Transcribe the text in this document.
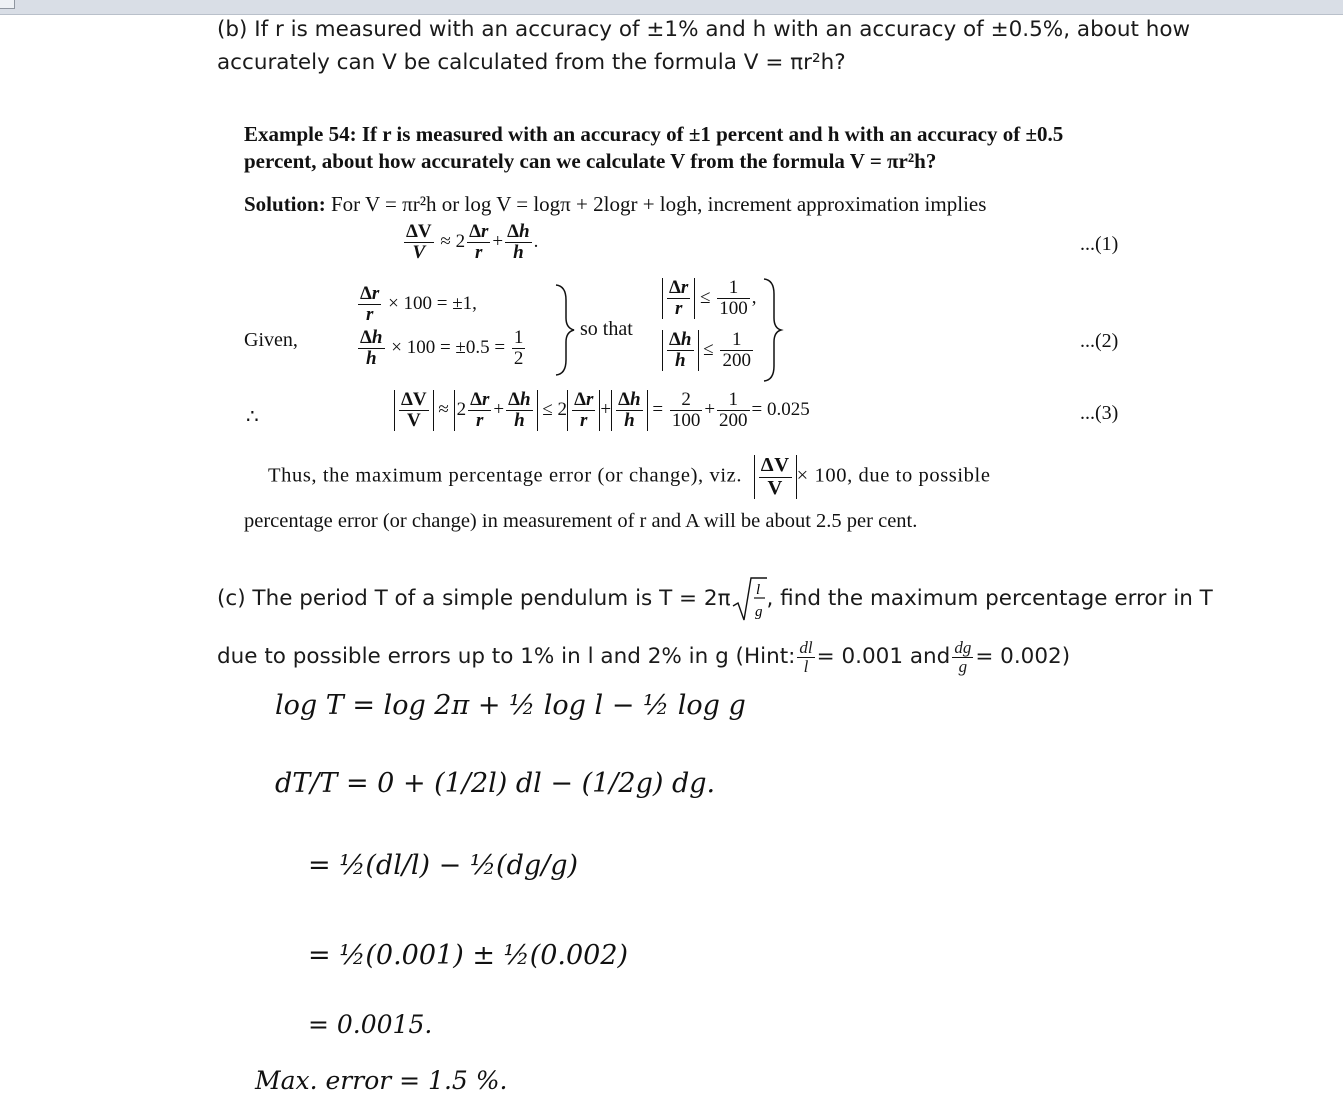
(b) If r is measured with an accuracy of ±1% and h with an accuracy of ±0.5%, about how
accurately can V be calculated from the formula V = πr²h?
Example 54: If r is measured with an accuracy of ±1 percent and h with an accuracy of ±0.5
percent, about how accurately can we calculate V from the formula V = πr²h?
Solution: For V = πr²h or log V = logπ + 2logr + logh, increment approximation implies
$\frac{\Delta V}{V} \approx 2 \frac{\Delta r}{r} + \frac{\Delta h}{h}$ .	...(1)
Given,
$\frac{\Delta r}{r} \times 100 = \pm 1$,
$\frac{\Delta h}{h} \times 100 = \pm 0.5 = \frac{1}{2}$	so that
$\frac{\Delta r}{r} \le \frac{1}{100}$ ,
$\frac{\Delta h}{h} \le \frac{1}{200}$	...(2)
∴	$\frac{\Delta V}{V} \approx 2 \frac{\Delta r}{r} + \frac{\Delta h}{h} \le 2 \frac{\Delta r}{r} + \frac{\Delta h}{h} = \frac{2}{100} + \frac{1}{200} = 0.025$	...(3)
Thus, the maximum percentage error (or change), viz. $\frac{\Delta V}{V} \times 100$, due to possible
percentage error (or change) in measurement of r and A will be about 2.5 per cent.
(c) The period T of a simple pendulum is T = 2π l
g
, find the maximum percentage error in T
due to possible errors up to 1% in l and 2% in g (Hint: $\frac{dl}{l} = 0.001$ and $\frac{dg}{g} = 0.002$)
log T = log 2π + ½ log l − ½ log g
dT/T = 0 + (1/2l) dl − (1/2g) dg.
= ½(dl/l) − ½(dg/g)
= ½(0.001) ± ½(0.002)
= 0.0015.
Max. error = 1.5 %.
